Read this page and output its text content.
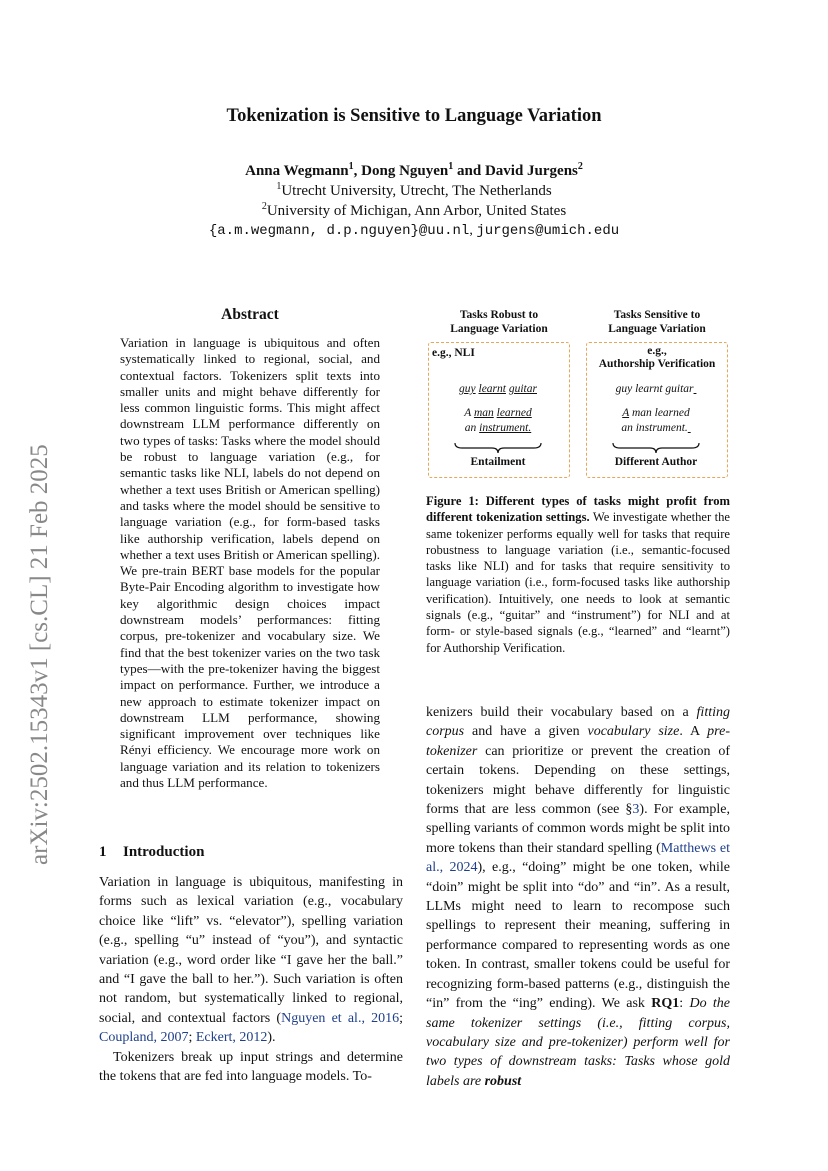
arXiv:2502.15343v1 [cs.CL] 21 Feb 2025
Tokenization is Sensitive to Language Variation
Anna Wegmann$^1$, Dong Nguyen$^1$ and David Jurgens$^2$
$^1$Utrecht University, Utrecht, The Netherlands
$^2$University of Michigan, Ann Arbor, United States
{a.m.wegmann, d.p.nguyen}@uu.nl, jurgens@umich.edu
Abstract
Variation in language is ubiquitous and often systematically linked to regional, social, and contextual factors. Tokenizers split texts into smaller units and might behave differently for less common linguistic forms. This might affect downstream LLM performance differently on two types of tasks: Tasks where the model should be robust to language variation (e.g., for semantic tasks like NLI, labels do not depend on whether a text uses British or American spelling) and tasks where the model should be sensitive to language variation (e.g., for form-based tasks like authorship verification, labels depend on whether a text uses British or American spelling). We pre-train BERT base models for the popular Byte-Pair Encoding algorithm to investigate how key algorithmic design choices impact downstream models’ performances: fitting corpus, pre-tokenizer and vocabulary size. We find that the best tokenizer varies on the two task types—with the pre-tokenizer having the biggest impact on performance. Further, we introduce a new approach to estimate tokenizer impact on downstream LLM performance, showing significant improvement over techniques like Rényi efficiency. We encourage more work on language variation and its relation to tokenizers and thus LLM performance.
1 Introduction

Variation in language is ubiquitous, manifesting in forms such as lexical variation (e.g., vocabulary choice like “lift” vs. “elevator”), spelling variation (e.g., spelling “u” instead of “you”), and syntactic variation (e.g., word order like “I gave her the ball.” and “I gave the ball to her.”). Such variation is often not random, but systematically linked to regional, social, and contextual factors (Nguyen et al., 2016; Coupland, 2007; Eckert, 2012).

Tokenizers break up input strings and determine the tokens that are fed into language models. To-

Tasks Robust to
Language Variation
Tasks Sensitive to
Language Variation
e.g., NLI	e.g.,
Authorship Verification
guy learnt guitar
A man learned
an instrument.
Entailment
guy learnt guitar
A man learned
an instrument.
Different Author
Figure 1: Different types of tasks might profit from different tokenization settings. We investigate whether the same tokenizer performs equally well for tasks that require robustness to language variation (i.e., semantic-focused tasks like NLI) and for tasks that require sensitivity to language variation (i.e., form-focused tasks like authorship verification). Intuitively, one needs to look at semantic signals (e.g., “guitar” and “instrument”) for NLI and at form- or style-based signals (e.g., “learned” and “learnt”) for Authorship Verification.
kenizers build their vocabulary based on a fitting corpus and have a given vocabulary size. A pre-tokenizer can prioritize or prevent the creation of certain tokens. Depending on these settings, tokenizers might behave differently for linguistic forms that are less common (see §3). For example, spelling variants of common words might be split into more tokens than their standard spelling (Matthews et al., 2024), e.g., “doing” might be one token, while “doin” might be split into “do” and “in”. As a result, LLMs might need to learn to recompose such spellings to represent their meaning, suffering in performance compared to representing words as one token. In contrast, smaller tokens could be useful for recognizing form-based patterns (e.g., distinguish the “in” from the “ing” ending). We ask RQ1: Do the same tokenizer settings (i.e., fitting corpus, vocabulary size and pre-tokenizer) perform well for two types of downstream tasks: Tasks whose gold labels are robust
